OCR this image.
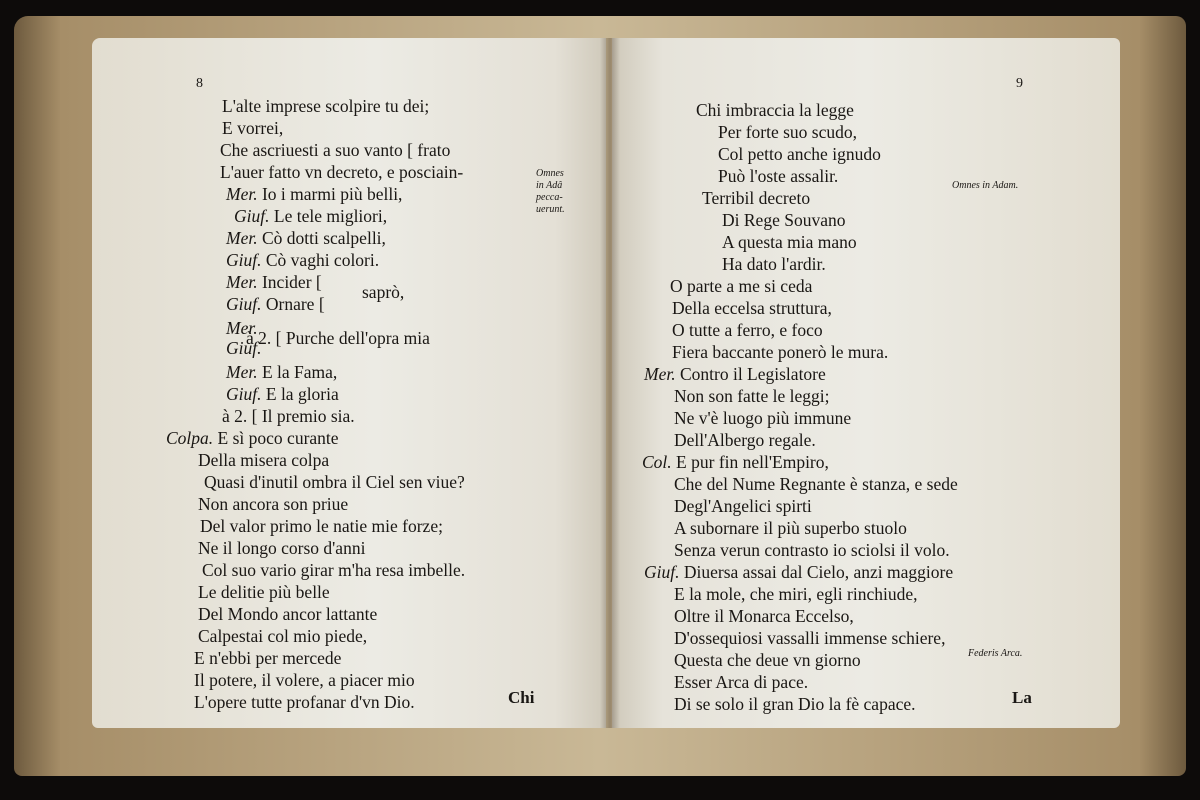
8
L'alte imprese scolpire tu dei;
E vorrei,
Che ascriuesti a suo vanto [ frato
L'auer fatto vn decreto, e posciain-
Mer. Io i marmi più belli,
Giuf. Le tele migliori,
Mer. Cò dotti scalpelli,
Giuf. Cò vaghi colori.
Mer. Incider [ saprò,
Giuf. Ornare [
Mer.
à 2. [ Purche dell'opra mia
Giuf.
Mer. E la Fama,
Giuf. E la gloria
à 2. [ Il premio sia.
Colpa. E sì poco curante
Della misera colpa
Quasi d'inutil ombra il Ciel sen viue?
Non ancora son priue
Del valor primo le natie mie forze;
Ne il longo corso d'anni
Col suo vario girar m'ha resa imbelle.
Le delitie più belle
Del Mondo ancor lattante
Calpestai col mio piede,
E n'ebbi per mercede
Il potere, il volere, a piacer mio
L'opere tutte profanar d'vn Dio.
Omnes
in Adâ
pecca-
uerunt.
Chi
9
Chi imbraccia la legge
Per forte suo scudo,
Col petto anche ignudo
Può l'oste assalir.
Terribil decreto
Di Rege Souvano
A questa mia mano
Ha dato l'ardir.
O parte a me si ceda
Della eccelsa struttura,
O tutte a ferro, e foco
Fiera baccante ponerò le mura.
Mer. Contro il Legislatore
Non son fatte le leggi;
Ne v'è luogo più immune
Dell'Albergo regale.
Col. E pur fin nell'Empiro,
Che del Nume Regnante è stanza, e sede
Degl'Angelici spirti
A subornare il più superbo stuolo
Senza verun contrasto io sciolsi il volo.
Giuf. Diuersa assai dal Cielo, anzi maggiore
E la mole, che miri, egli rinchiude,
Oltre il Monarca Eccelso,
D'ossequiosi vassalli immense schiere,
Questa che deue vn giorno
Esser Arca di pace.
Di se solo il gran Dio la fè capace.
Omnes in Adam.
Federis Arca.
La
